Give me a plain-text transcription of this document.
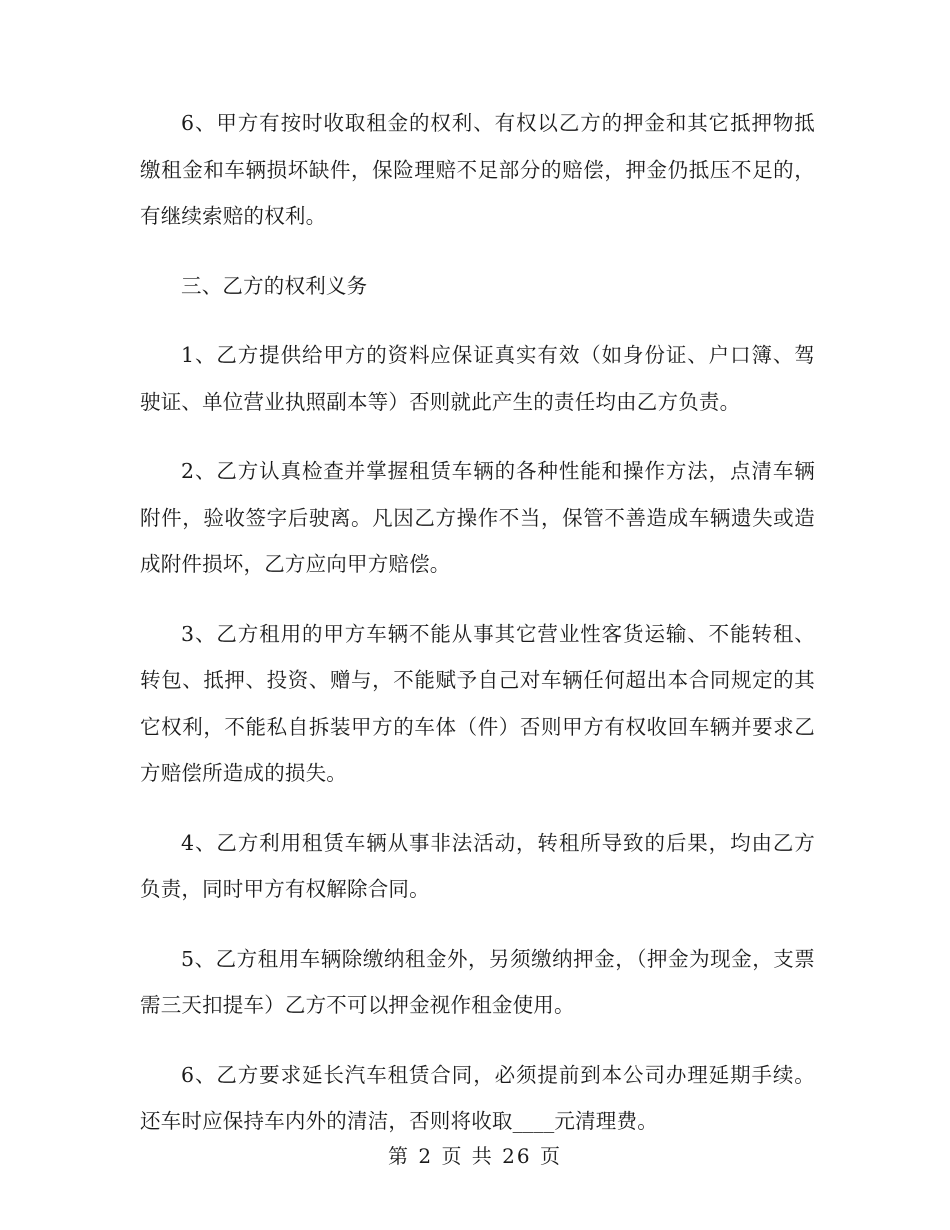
6、甲方有按时收取租金的权利、有权以乙方的押金和其它抵押物抵缴租金和车辆损坏缺件，保险理赔不足部分的赔偿，押金仍抵压不足的，有继续索赔的权利。

三、乙方的权利义务

1、乙方提供给甲方的资料应保证真实有效（如身份证、户口簿、驾驶证、单位营业执照副本等）否则就此产生的责任均由乙方负责。

2、乙方认真检查并掌握租赁车辆的各种性能和操作方法，点清车辆附件，验收签字后驶离。凡因乙方操作不当，保管不善造成车辆遗失或造成附件损坏，乙方应向甲方赔偿。

3、乙方租用的甲方车辆不能从事其它营业性客货运输、不能转租、转包、抵押、投资、赠与，不能赋予自己对车辆任何超出本合同规定的其它权利，不能私自拆装甲方的车体（件）否则甲方有权收回车辆并要求乙方赔偿所造成的损失。

4、乙方利用租赁车辆从事非法活动，转租所导致的后果，均由乙方负责，同时甲方有权解除合同。

5、乙方租用车辆除缴纳租金外，另须缴纳押金，（押金为现金，支票需三天扣提车）乙方不可以押金视作租金使用。

6、乙方要求延长汽车租赁合同，必须提前到本公司办理延期手续。还车时应保持车内外的清洁，否则将收取____元清理费。

第 2 页 共 26 页
